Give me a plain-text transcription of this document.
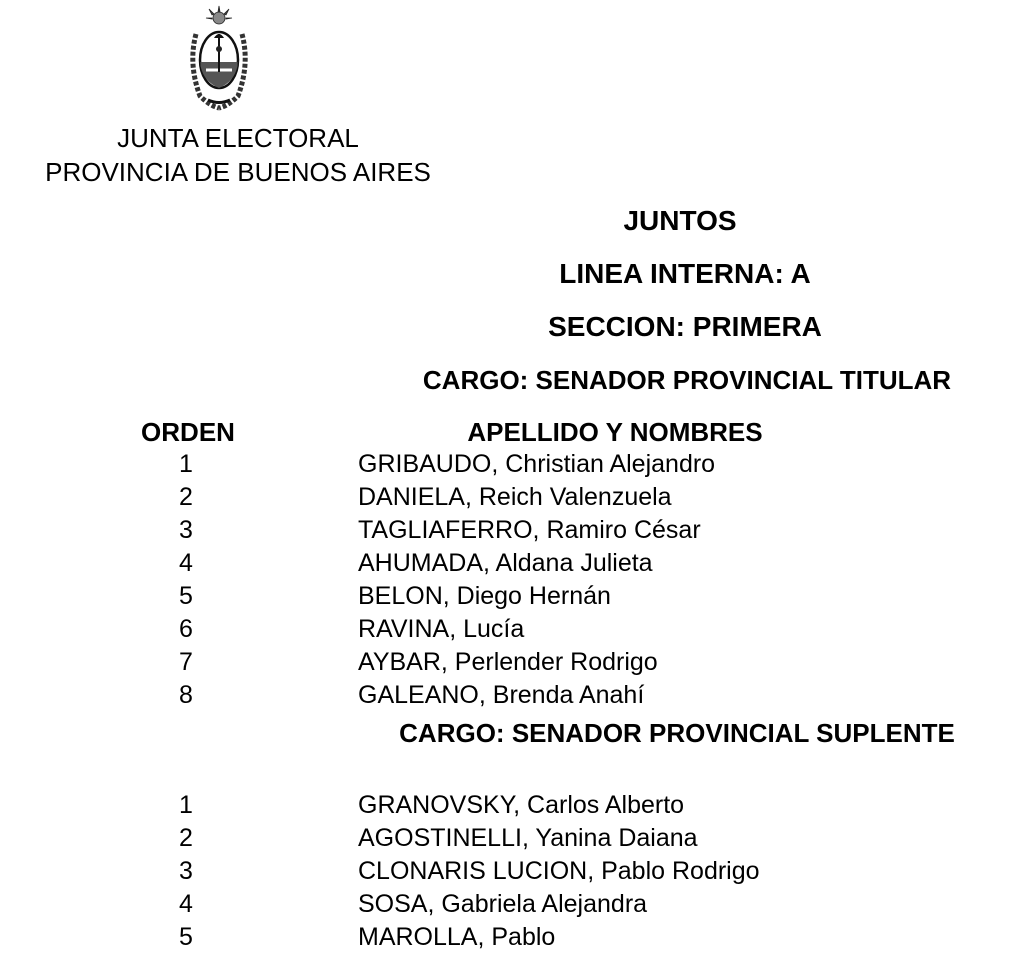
JUNTA ELECTORAL
PROVINCIA DE BUENOS AIRES
JUNTOS
LINEA INTERNA: A
SECCION: PRIMERA
CARGO: SENADOR PROVINCIAL TITULAR
ORDEN	APELLIDO Y NOMBRES
1	GRIBAUDO, Christian Alejandro
2	DANIELA, Reich Valenzuela
3	TAGLIAFERRO, Ramiro César
4	AHUMADA, Aldana Julieta
5	BELON, Diego Hernán
6	RAVINA, Lucía
7	AYBAR, Perlender Rodrigo
8	GALEANO, Brenda Anahí
CARGO: SENADOR PROVINCIAL SUPLENTE
1	GRANOVSKY, Carlos Alberto
2	AGOSTINELLI, Yanina Daiana
3	CLONARIS LUCION, Pablo Rodrigo
4	SOSA, Gabriela Alejandra
5	MAROLLA, Pablo
